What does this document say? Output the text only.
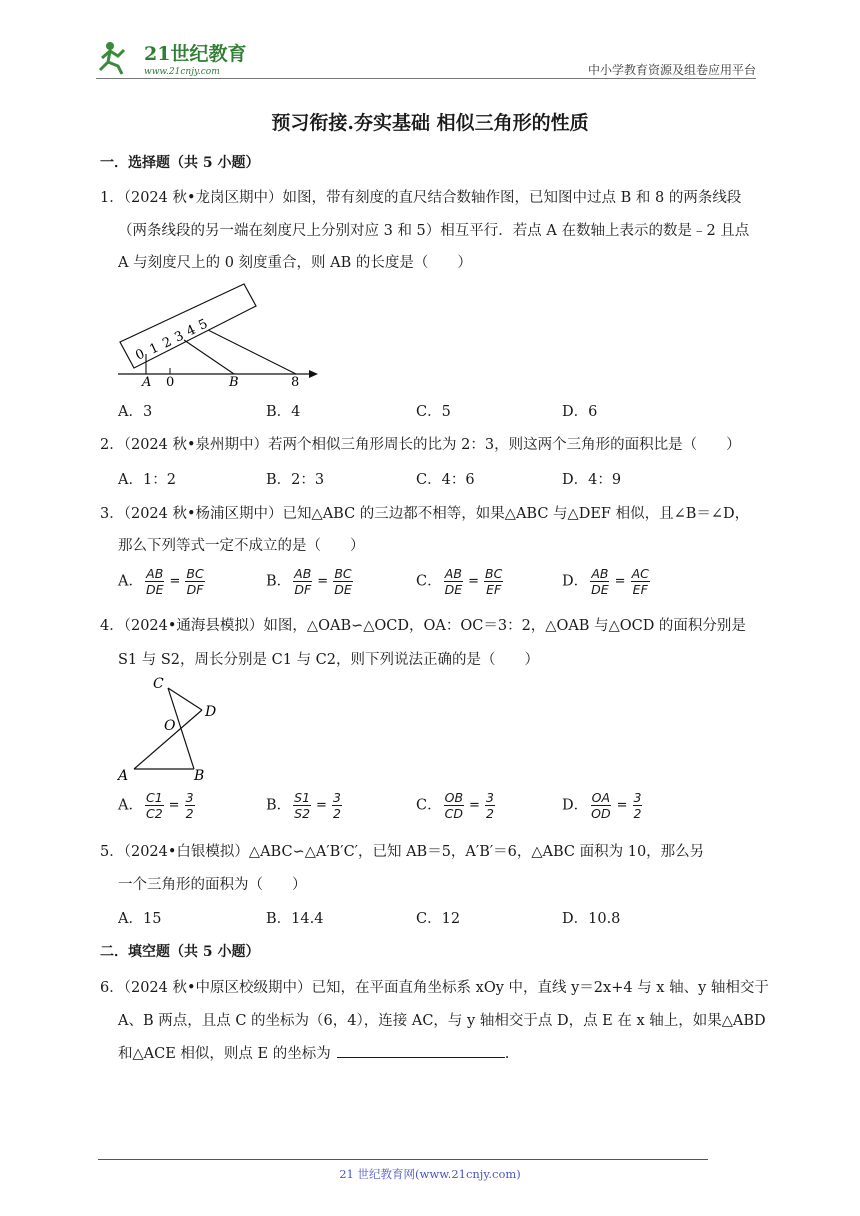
21世纪教育
www.21cnjy.com	中小学教育资源及组卷应用平台
预习衔接.夯实基础 相似三角形的性质
一．选择题（共 5 小题）
1．（2024 秋•龙岗区期中）如图，带有刻度的直尺结合数轴作图，已知图中过点 B 和 8 的两条线段
（两条线段的另一端在刻度尺上分别对应 3 和 5）相互平行．若点 A 在数轴上表示的数是﹣2 且点
A 与刻度尺上的 0 刻度重合，则 AB 的长度是（　　）
0 1 2
3
4
5
A 0	B	8
A．3	B．4	C．5	D．6
2．（2024 秋•泉州期中）若两个相似三角形周长的比为 2：3，则这两个三角形的面积比是（　　）
A．1：2	B．2：3	C．4：6	D．4：9
3．（2024 秋•杨浦区期中）已知△ABC 的三边都不相等，如果△ABC 与△DEF 相似，且∠B＝∠D，
那么下列等式一定不成立的是（　　）
A． $\frac{AB}{DE} = \frac{BC}{DF}$	B． $\frac{AB}{DF} = \frac{BC}{DE}$	C． $\frac{AB}{DE} = \frac{BC}{EF}$	D． $\frac{AB}{DE} = \frac{AC}{EF}$
4．（2024•通海县模拟）如图，△OAB∽△OCD，OA：OC＝3：2，△OAB 与△OCD 的面积分别是
S1 与 S2，周长分别是 C1 与 C2，则下列说法正确的是（　　）
C
O
D
A	B
A． $\frac{C1}{C2} = \frac{3}{2}$	B． $\frac{S1}{S2} = \frac{3}{2}$	C． $\frac{OB}{CD} = \frac{3}{2}$	D． $\frac{OA}{OD} = \frac{3}{2}$
5．（2024•白银模拟）△ABC∽△A′B′C′，已知 AB＝5，A′B′＝6，△ABC 面积为 10，那么另
一个三角形的面积为（　　）
A．15	B．14.4	C．12	D．10.8
二．填空题（共 5 小题）
6．（2024 秋•中原区校级期中）已知，在平面直角坐标系 xOy 中，直线 y＝2x+4 与 x 轴、y 轴相交于
A、B 两点，且点 C 的坐标为（6，4），连接 AC，与 y 轴相交于点 D，点 E 在 x 轴上，如果△ABD
和△ACE 相似，则点 E 的坐标为	.
21 世纪教育网(www.21cnjy.com)
